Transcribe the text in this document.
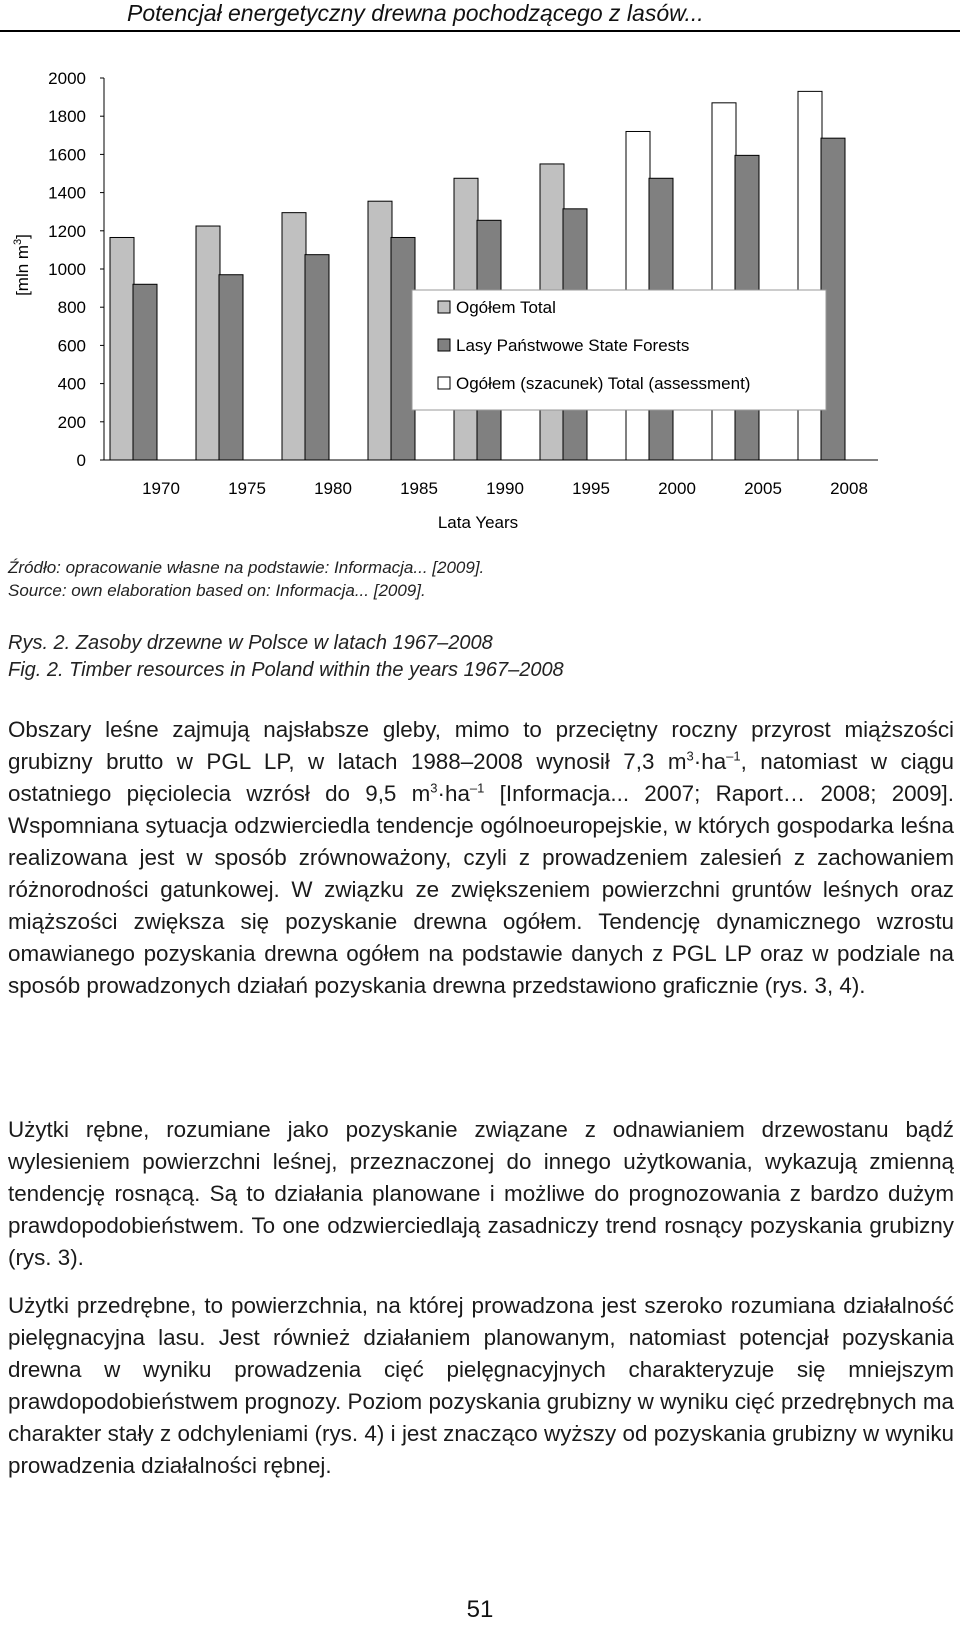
Potencjał energetyczny drewna pochodzącego z lasów...
0
200
400
600
800
1000
1200
1400
1600
1800
2000
1970	1975	1980	1985	1990	1995	2000	2005	2008
[mln $m^3$]
Lata Years
Ogółem Total
Lasy Państwowe State Forests
Ogółem (szacunek) Total (assessment)
Źródło: opracowanie własne na podstawie: Informacja... [2009].
Source: own elaboration based on: Informacja... [2009].
Rys. 2. Zasoby drzewne w Polsce w latach 1967–2008
Fig. 2. Timber resources in Poland within the years 1967–2008

Obszary leśne zajmują najsłabsze gleby, mimo to przeciętny roczny przyrost miąższości grubizny brutto w PGL LP, w latach 1988–2008 wynosił 7,3 $m^3\cdot ha^{-1}$, natomiast w ciągu ostatniego pięciolecia wzrósł do 9,5 $m^3\cdot ha^{-1}$ [Informacja... 2007; Raport… 2008; 2009]. Wspomniana sytuacja odzwierciedla tendencje ogólnoeuropejskie, w których gospodarka leśna realizowana jest w sposób zrównoważony, czyli z prowadzeniem zalesień z zachowaniem różnorodności gatunkowej. W związku ze zwiększeniem powierzchni gruntów leśnych oraz miąższości zwiększa się pozyskanie drewna ogółem. Tendencję dynamicznego wzrostu omawianego pozyskania drewna ogółem na podstawie danych z PGL LP oraz w podziale na sposób prowadzonych działań pozyskania drewna przedstawiono graficznie (rys. 3, 4).

Użytki rębne, rozumiane jako pozyskanie związane z odnawianiem drzewostanu bądź wylesieniem powierzchni leśnej, przeznaczonej do innego użytkowania, wykazują zmienną tendencję rosnącą. Są to działania planowane i możliwe do prognozowania z bardzo dużym prawdopodobieństwem. To one odzwierciedlają zasadniczy trend rosnący pozyskania grubizny (rys. 3).

Użytki przedrębne, to powierzchnia, na której prowadzona jest szeroko rozumiana działalność pielęgnacyjna lasu. Jest również działaniem planowanym, natomiast potencjał pozyskania drewna w wyniku prowadzenia cięć pielęgnacyjnych charakteryzuje się mniejszym prawdopodobieństwem prognozy. Poziom pozyskania grubizny w wyniku cięć przedrębnych ma charakter stały z odchyleniami (rys. 4) i jest znacząco wyższy od pozyskania grubizny w wyniku prowadzenia działalności rębnej.

51
